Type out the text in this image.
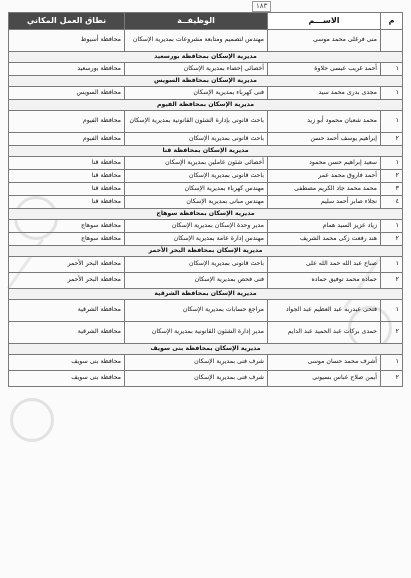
١٨٣
م	الاســـم	الوظيفــة	نطاق العمل المكاني
	منى فرغلى محمد موسى	مهندس لتصميم ومتابعة مشروعات بمديرية الإسكان	محافظة أسيوط
مديرية الإسكان بمحافظة بورسعيد			
١	أحمد غريب عيسى حلاوة	أخصائى إحصاء بمديرية الإسكان	محافظة بورسعيد
مديرية الإسكان بمحافظة السويس			
١	مجدى بدرى محمد سيد	فنى كهرباء بمديرية الإسكان	محافظة السويس
مديرية الإسكان بمحافظة الفيوم			
١	محمد شعبان محمود أبو زيد	باحث قانونى بإدارة الشئون القانونية بمديرية الإسكان	محافظة الفيوم
٢	إبراهيم يوسف أحمد حسن	باحث قانونى بمديرية الإسكان	محافظة الفيوم
مديرية الإسكان بمحافظة قنا			
١	سعيد إبراهيم حسن محمود	أخصائى شئون عاملين بمديرية الإسكان	محافظة قنا
٢	أحمد فاروق محمد عمر	باحث قانونى بمديرية الإسكان	محافظة قنا
٣	محمد محمد جاد الكريم مصطفى	مهندس كهرباء بمديرية الإسكان	محافظة قنا
٤	نجلاء صابر أحمد سليم	مهندس مبانى بمديرية الإسكان	محافظة قنا
مديرية الإسكان بمحافظة سوهاج			
١	زياد عزيز السيد همام	مدير وحدة الإسكان بمديرية الإسكان	محافظة سوهاج
٢	هند رفعت زكى محمد الشريف	مهندس إدارة عامة بمديرية الإسكان	محافظة سوهاج
مديرية الإسكان بمحافظة البحر الأحمر			
١	صباح عبد الله حمد الله على	باحث قانونى بمديرية الإسكان	محافظة البحر الأحمر
٢	حماده محمد توفيق حماده	فنى فحص بمديرية الإسكان	محافظة البحر الأحمر
مديرية الإسكان بمحافظة الشرقية			
١	فتحى عبدربه عبد العظيم عبد الجواد	مراجع حسابات بمديرية الإسكان	محافظة الشرقية
٢	حمدى بركات عبد الحميد عبد الدايم	مدير إدارة الشئون القانونية بمديرية الإسكان	محافظة الشرقية
مديرية الإسكان بمحافظة بنى سويف			
١	أشرف محمد حسان موسى	شرف فنى بمديرية الإسكان	محافظة بنى سويف
٢	أيمن صلاح عباس بسيونى	شرف فنى بمديرية الإسكان	محافظة بنى سويف
